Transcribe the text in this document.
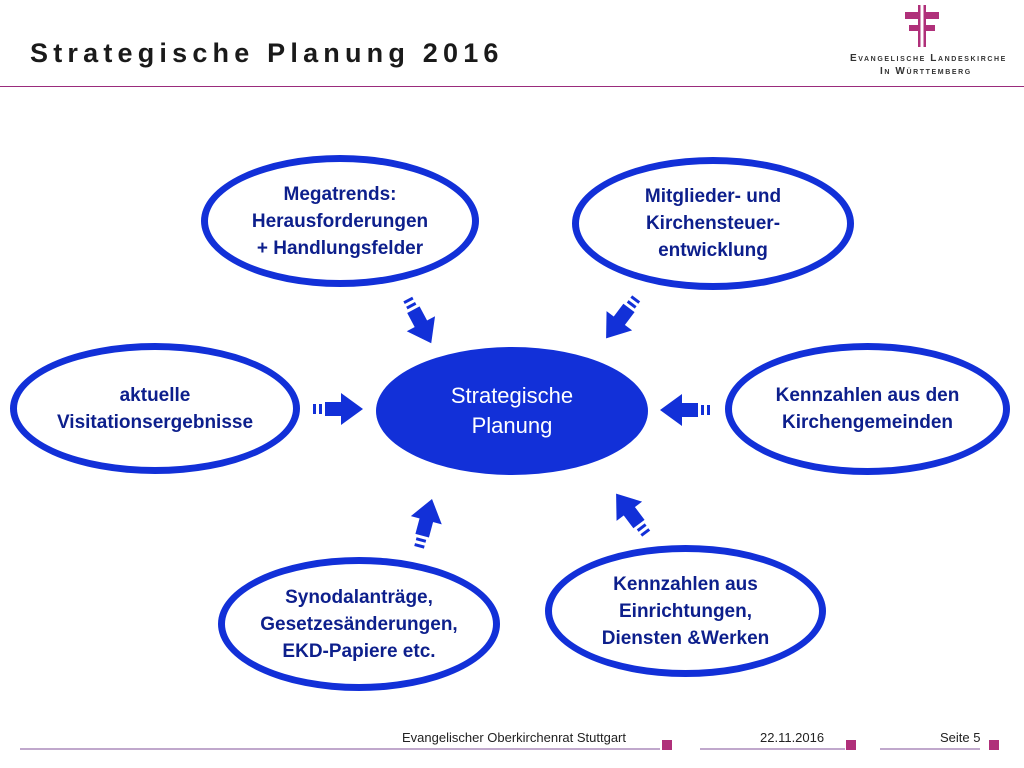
Strategische Planung 2016	Evangelische Landeskirche
In Württemberg
Strategische
Planung
Megatrends:
Herausforderungen
+ Handlungsfelder
Mitglieder- und
Kirchensteuer-
entwicklung
aktuelle
Visitationsergebnisse
Kennzahlen aus den
Kirchengemeinden
Synodalanträge,
Gesetzesänderungen,
EKD-Papiere etc.
Kennzahlen aus
Einrichtungen,
Diensten &Werken
Evangelischer Oberkirchenrat Stuttgart	22.11.2016	Seite 5
